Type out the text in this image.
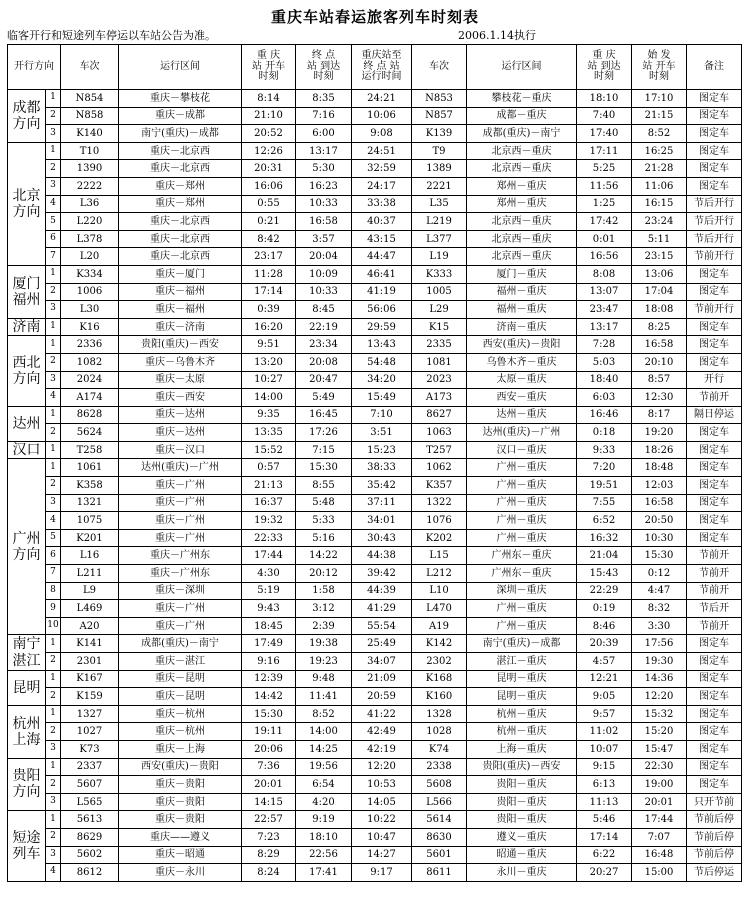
重庆车站春运旅客列车时刻表
临客开行和短途列车停运以车站公告为准。	2006.1.14执行
开行方向		车次	运行区间	重 庆
站 开车
时刻	终 点
站 到达
时刻	重庆站至
终 点 站
运行时间	车次	运行区间	重 庆
站 到达
时刻	始 发
站 开车
时刻	备注

成都
方向	1	N854	重庆－攀枝花	8:14	8:35	24:21	N853	攀枝花－重庆	18:10	17:10	图定车
	2	N858	重庆－成都	21:10	7:16	10:06	N857	成都－重庆	7:40	21:15	图定车
	3	K140	南宁(重庆)－成都	20:52	6:00	9:08	K139	成都(重庆)－南宁	17:40	8:52	图定车

北京
方向	1	T10	重庆－北京西	12:26	13:17	24:51	T9	北京西－重庆	17:11	16:25	图定车
	2	1390	重庆－北京西	20:31	5:30	32:59	1389	北京西－重庆	5:25	21:28	图定车
	3	2222	重庆－郑州	16:06	16:23	24:17	2221	郑州－重庆	11:56	11:06	图定车
	4	L36	重庆－郑州	0:55	10:33	33:38	L35	郑州－重庆	1:25	16:15	节后开行
	5	L220	重庆－北京西	0:21	16:58	40:37	L219	北京西－重庆	17:42	23:24	节后开行
	6	L378	重庆－北京西	8:42	3:57	43:15	L377	北京西－重庆	0:01	5:11	节后开行
	7	L20	重庆－北京西	23:17	20:04	44:47	L19	北京西－重庆	16:56	23:15	节前开行

厦门
福州	1	K334	重庆－厦门	11:28	10:09	46:41	K333	厦门－重庆	8:08	13:06	图定车
	2	1006	重庆－福州	17:14	10:33	41:19	1005	福州－重庆	13:07	17:04	图定车
	3	L30	重庆－福州	0:39	8:45	56:06	L29	福州－重庆	23:47	18:08	节前开行

济南	1	K16	重庆－济南	16:20	22:19	29:59	K15	济南－重庆	13:17	8:25	图定车

西北
方向	1	2336	贵阳(重庆)－西安	9:51	23:34	13:43	2335	西安(重庆)－贵阳	7:28	16:58	图定车
	2	1082	重庆－乌鲁木齐	13:20	20:08	54:48	1081	乌鲁木齐－重庆	5:03	20:10	图定车
	3	2024	重庆－太原	10:27	20:47	34:20	2023	太原－重庆	18:40	8:57	开行
	4	A174	重庆－西安	14:00	5:49	15:49	A173	西安－重庆	6:03	12:30	节前开

达州	1	8628	重庆－达州	9:35	16:45	7:10	8627	达州－重庆	16:46	8:17	隔日停运
	2	5624	重庆－达州	13:35	17:26	3:51	1063	达州(重庆)－广州	0:18	19:20	图定车

汉口	1	T258	重庆－汉口	15:52	7:15	15:23	T257	汉口－重庆	9:33	18:26	图定车

广州
方向	1	1061	达州(重庆)－广州	0:57	15:30	38:33	1062	广州－重庆	7:20	18:48	图定车
	2	K358	重庆－广州	21:13	8:55	35:42	K357	广州－重庆	19:51	12:03	图定车
	3	1321	重庆－广州	16:37	5:48	37:11	1322	广州－重庆	7:55	16:58	图定车
	4	1075	重庆－广州	19:32	5:33	34:01	1076	广州－重庆	6:52	20:50	图定车
	5	K201	重庆－广州	22:33	5:16	30:43	K202	广州－重庆	16:32	10:30	图定车
	6	L16	重庆－广州东	17:44	14:22	44:38	L15	广州东－重庆	21:04	15:30	节前开
	7	L211	重庆－广州东	4:30	20:12	39:42	L212	广州东－重庆	15:43	0:12	节前开
	8	L9	重庆－深圳	5:19	1:58	44:39	L10	深圳－重庆	22:29	4:47	节前开
	9	L469	重庆－广州	9:43	3:12	41:29	L470	广州－重庆	0:19	8:32	节后开
	10	A20	重庆－广州	18:45	2:39	55:54	A19	广州－重庆	8:46	3:30	节前开

南宁
湛江	1	K141	成都(重庆)－南宁	17:49	19:38	25:49	K142	南宁(重庆)－成都	20:39	17:56	图定车
	2	2301	重庆－湛江	9:16	19:23	34:07	2302	湛江－重庆	4:57	19:30	图定车

昆明	1	K167	重庆－昆明	12:39	9:48	21:09	K168	昆明－重庆	12:21	14:36	图定车
	2	K159	重庆－昆明	14:42	11:41	20:59	K160	昆明－重庆	9:05	12:20	图定车

杭州
上海	1	1327	重庆－杭州	15:30	8:52	41:22	1328	杭州－重庆	9:57	15:32	图定车
	2	1027	重庆－杭州	19:11	14:00	42:49	1028	杭州－重庆	11:02	15:20	图定车
	3	K73	重庆－上海	20:06	14:25	42:19	K74	上海－重庆	10:07	15:47	图定车

贵阳
方向	1	2337	西安(重庆)－贵阳	7:36	19:56	12:20	2338	贵阳(重庆)－西安	9:15	22:30	图定车
	2	5607	重庆－贵阳	20:01	6:54	10:53	5608	贵阳－重庆	6:13	19:00	图定车
	3	L565	重庆－贵阳	14:15	4:20	14:05	L566	贵阳－重庆	11:13	20:01	只开节前

短途
列车	1	5613	重庆－贵阳	22:57	9:19	10:22	5614	贵阳－重庆	5:46	17:44	节前后停
	2	8629	重庆——遵义	7:23	18:10	10:47	8630	遵义－重庆	17:14	7:07	节前后停
	3	5602	重庆－昭通	8:29	22:56	14:27	5601	昭通－重庆	6:22	16:48	节前后停
	4	8612	重庆－永川	8:24	17:41	9:17	8611	永川－重庆	20:27	15:00	节后停运
